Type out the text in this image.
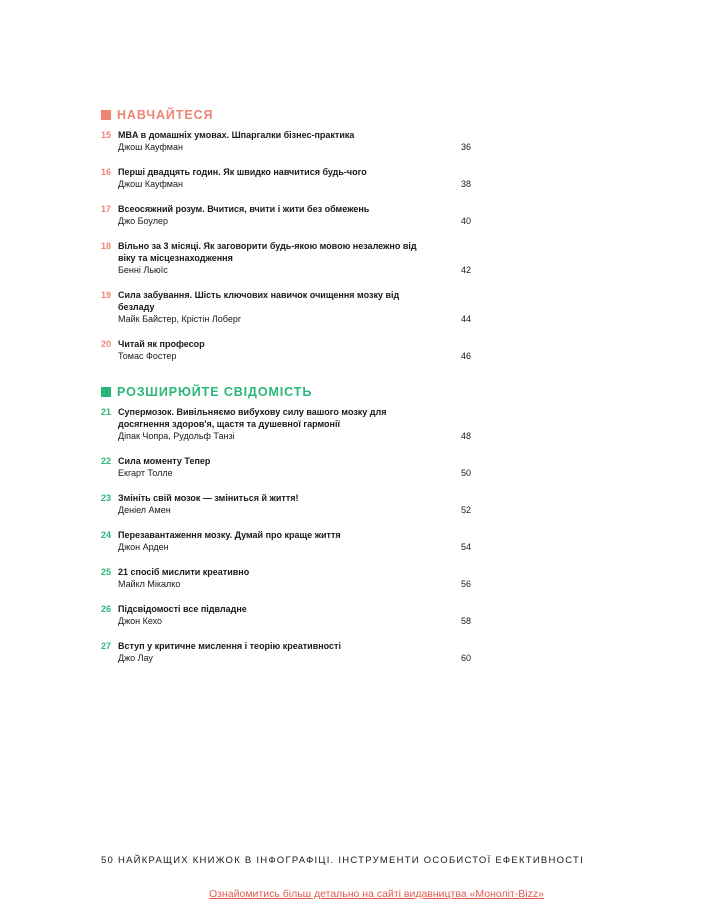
НАВЧАЙТЕСЯ
15 MBA в домашніх умовах. Шпаргалки бізнес-практика
Джош Кауфман	36
16 Перші двадцять годин. Як швидко навчитися будь-чого
Джош Кауфман	38
17 Всеосяжний розум. Вчитися, вчити і жити без обмежень
Джо Боулер	40
18 Вільно за 3 місяці. Як заговорити будь-якою мовою незалежно від віку та місцезнаходження
Бенні Льюїс	42
19 Сила забування. Шість ключових навичок очищення мозку від безладу
Майк Байстер, Крістін Лоберг	44
20 Читай як професор
Томас Фостер	46
РОЗШИРЮЙТЕ СВІДОМІСТЬ
21 Супермозок. Вивільняємо вибухову силу вашого мозку для досягнення здоров'я, щастя та душевної гармонії
Діпак Чопра, Рудольф Танзі	48
22 Сила моменту Тепер
Екгарт Толле	50
23 Змініть свій мозок — зміниться й життя!
Деніел Амен	52
24 Перезавантаження мозку. Думай про краще життя
Джон Арден	54
25 21 спосіб мислити креативно
Майкл Мікалко	56
26 Підсвідомості все підвладне
Джон Кехо	58
27 Вступ у критичне мислення і теорію креативності
Джо Лау	60
50 НАЙКРАЩИХ КНИЖОК В ІНФОГРАФІЦІ. ІНСТРУМЕНТИ ОСОБИСТОЇ ЕФЕКТИВНОСТІ
Ознайомитись більш детально на сайті видавництва «Моноліт-Bizz»
